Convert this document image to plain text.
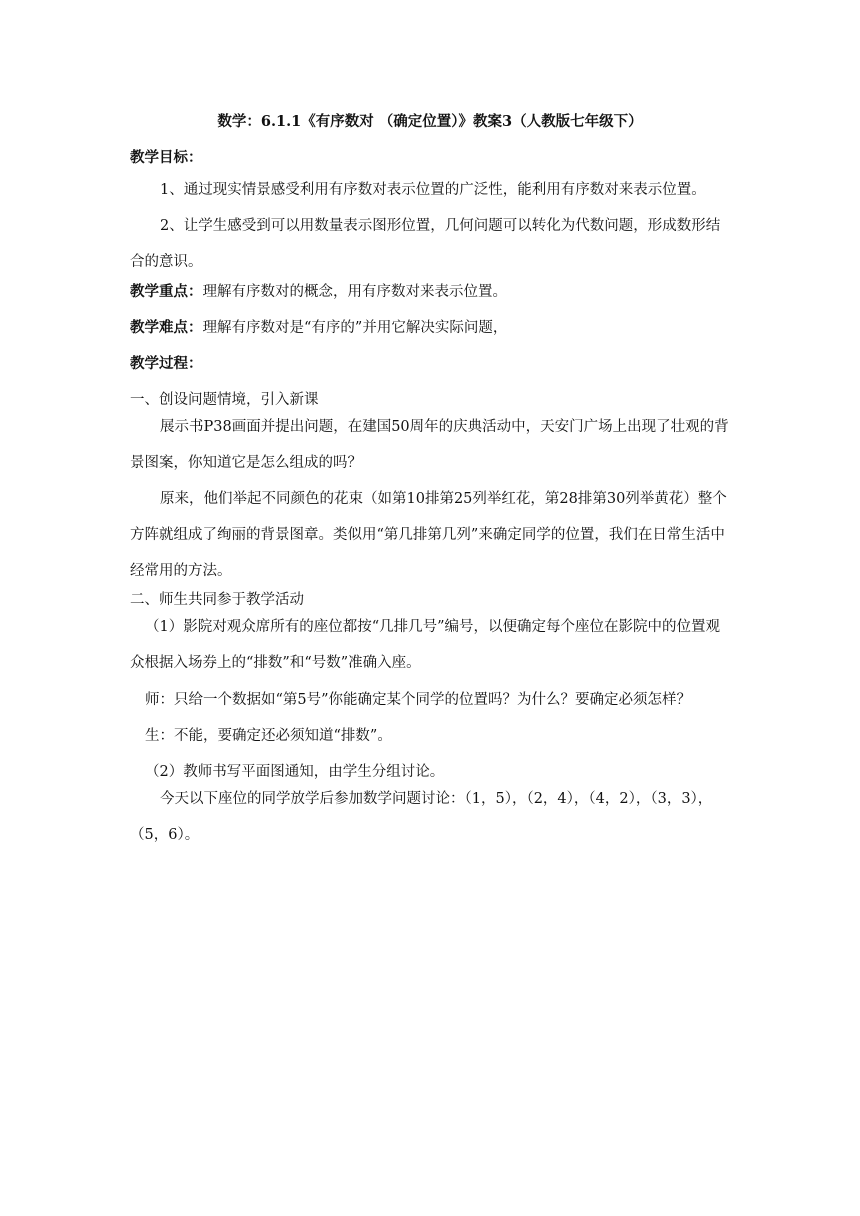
数学：6.1.1《有序数对 （确定位置）》教案3（人教版七年级下）
教学目标：
1、通过现实情景感受利用有序数对表示位置的广泛性，能利用有序数对来表示位置。
2、让学生感受到可以用数量表示图形位置，几何问题可以转化为代数问题，形成数形结合的意识。
教学重点：理解有序数对的概念，用有序数对来表示位置。
教学难点：理解有序数对是“有序的”并用它解决实际问题，
教学过程：
一、创设问题情境，引入新课
展示书P38画面并提出问题，在建国50周年的庆典活动中，天安门广场上出现了壮观的背景图案，你知道它是怎么组成的吗？
原来，他们举起不同颜色的花束（如第10排第25列举红花，第28排第30列举黄花）整个方阵就组成了绚丽的背景图章。类似用“第几排第几列”来确定同学的位置，我们在日常生活中经常用的方法。
二、师生共同参于教学活动
（1）影院对观众席所有的座位都按“几排几号”编号，以便确定每个座位在影院中的位置观众根据入场券上的“排数”和“号数”准确入座。
师：只给一个数据如“第5号”你能确定某个同学的位置吗？为什么？要确定必须怎样？
生：不能，要确定还必须知道“排数”。
（2）教师书写平面图通知，由学生分组讨论。
今天以下座位的同学放学后参加数学问题讨论：（1，5），（2，4），（4，2），（3，3），（5，6）。
